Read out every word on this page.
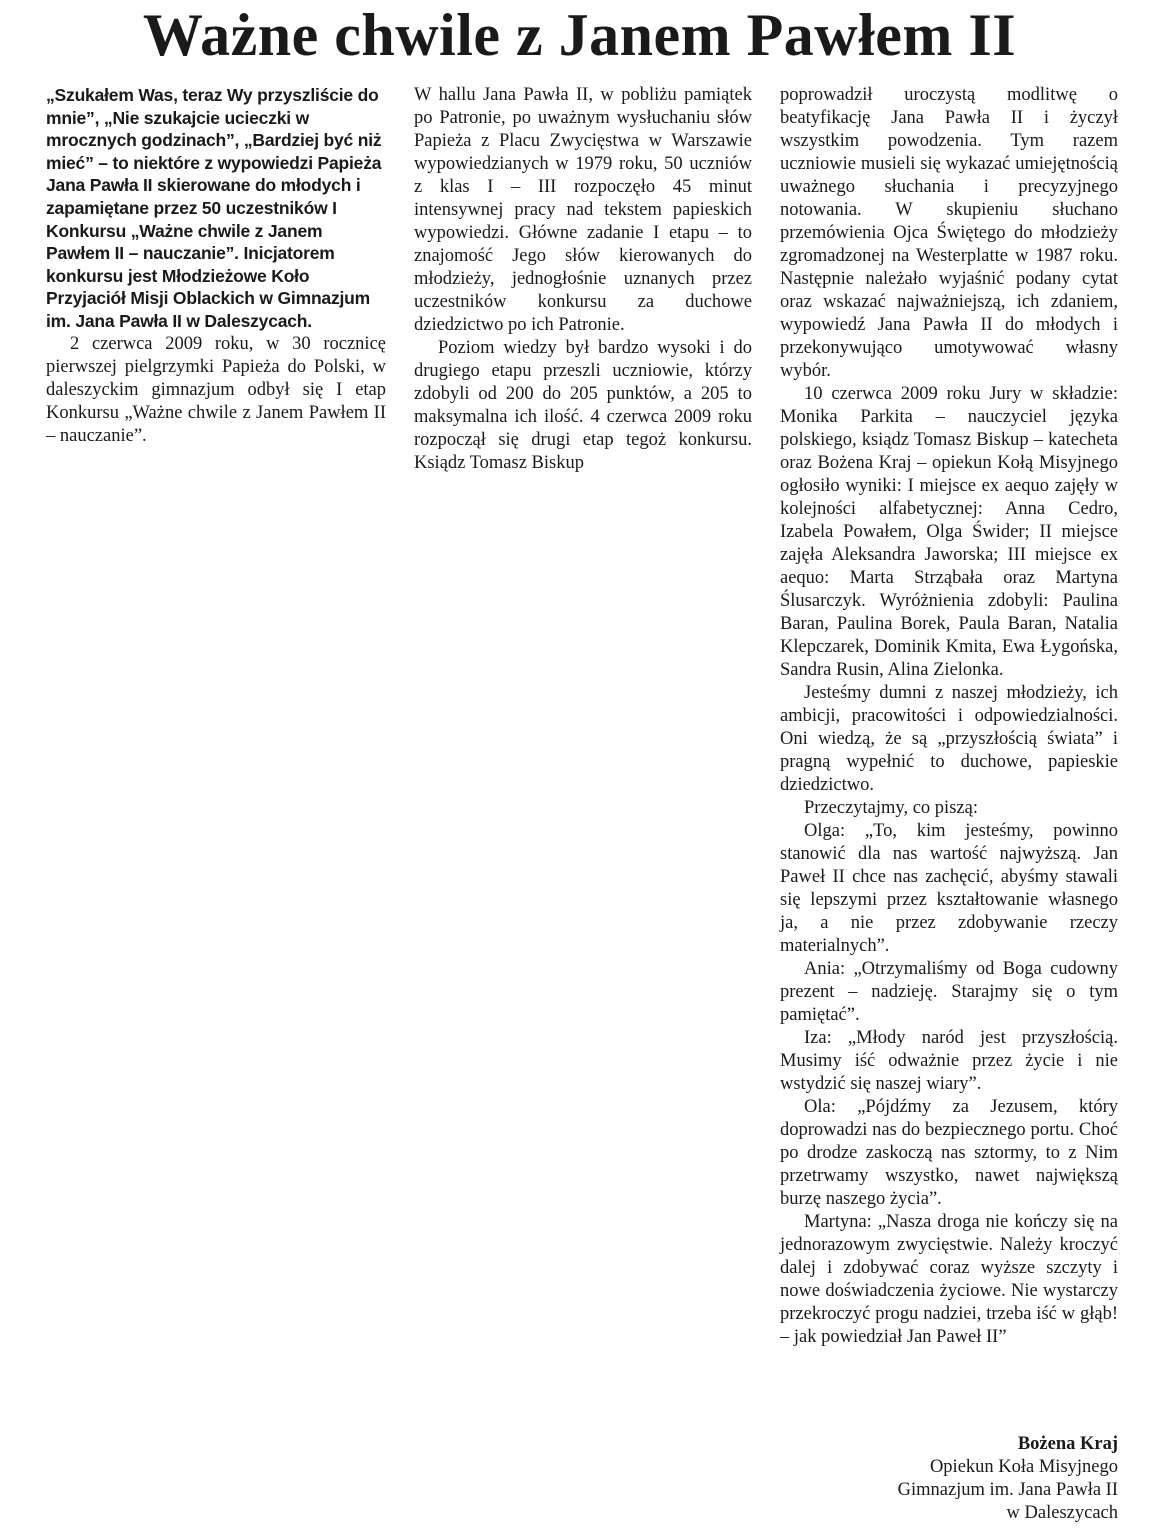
Ważne chwile z Janem Pawłem II

„Szukałem Was, teraz Wy przyszliście do mnie”, „Nie szukajcie ucieczki w mrocznych godzinach”, „Bardziej być niż mieć” – to niektóre z wypowiedzi Papieża Jana Pawła II skierowane do młodych i zapamiętane przez 50 uczestników I Konkursu „Ważne chwile z Janem Pawłem II – nauczanie”. Inicjatorem konkursu jest Młodzieżowe Koło Przyjaciół Misji Oblackich w Gimnazjum im. Jana Pawła II w Daleszycach.

2 czerwca 2009 roku, w 30 rocznicę pierwszej pielgrzymki Papieża do Polski, w daleszyckim gimnazjum odbył się I etap Konkursu „Ważne chwile z Janem Pawłem II – nauczanie”.

W hallu Jana Pawła II, w pobliżu pamiątek po Patronie, po uważnym wysłuchaniu słów Papieża z Placu Zwycięstwa w Warszawie wypowiedzianych w 1979 roku, 50 uczniów z klas I – III rozpoczęło 45 minut intensywnej pracy nad tekstem papieskich wypowiedzi. Główne zadanie I etapu – to znajomość Jego słów kierowanych do młodzieży, jednogłośnie uznanych przez uczestników konkursu za duchowe dziedzictwo po ich Patronie.

Poziom wiedzy był bardzo wysoki i do drugiego etapu przeszli uczniowie, którzy zdobyli od 200 do 205 punktów, a 205 to maksymalna ich ilość. 4 czerwca 2009 roku rozpoczął się drugi etap tegoż konkursu. Ksiądz Tomasz Biskup

poprowadził uroczystą modlitwę o beatyfikację Jana Pawła II i życzył wszystkim powodzenia. Tym razem uczniowie musieli się wykazać umiejętnością uważnego słuchania i precyzyjnego notowania. W skupieniu słuchano przemówienia Ojca Świętego do młodzieży zgromadzonej na Westerplatte w 1987 roku. Następnie należało wyjaśnić podany cytat oraz wskazać najważniejszą, ich zdaniem, wypowiedź Jana Pawła II do młodych i przekonywująco umotywować własny wybór.

10 czerwca 2009 roku Jury w składzie: Monika Parkita – nauczyciel języka polskiego, ksiądz Tomasz Biskup – katecheta oraz Bożena Kraj – opiekun Kołą Misyjnego ogłosiło wyniki: I miejsce ex aequo zajęły w kolejności alfabetycznej: Anna Cedro, Izabela Powałem, Olga Świder; II miejsce zajęła Aleksandra Jaworska; III miejsce ex aequo: Marta Strząbała oraz Martyna Ślusarczyk. Wyróżnienia zdobyli: Paulina Baran, Paulina Borek, Paula Baran, Natalia Klepczarek, Dominik Kmita, Ewa Łygońska, Sandra Rusin, Alina Zielonka.

Jesteśmy dumni z naszej młodzieży, ich ambicji, pracowitości i odpowiedzialności. Oni wiedzą, że są „przyszłością świata” i pragną wypełnić to duchowe, papieskie dziedzictwo.

Przeczytajmy, co piszą:

Olga: „To, kim jesteśmy, powinno stanowić dla nas wartość najwyższą. Jan Paweł II chce nas zachęcić, abyśmy stawali się lepszymi przez kształtowanie własnego ja, a nie przez zdobywanie rzeczy materialnych”.

Ania: „Otrzymaliśmy od Boga cudowny prezent – nadzieję. Starajmy się o tym pamiętać”.

Iza: „Młody naród jest przyszłością. Musimy iść odważnie przez życie i nie wstydzić się naszej wiary”.

Ola: „Pójdźmy za Jezusem, który doprowadzi nas do bezpiecznego portu. Choć po drodze zaskoczą nas sztormy, to z Nim przetrwamy wszystko, nawet największą burzę naszego życia”.

Martyna: „Nasza droga nie kończy się na jednorazowym zwycięstwie. Należy kroczyć dalej i zdobywać coraz wyższe szczyty i nowe doświadczenia życiowe. Nie wystarczy przekroczyć progu nadziei, trzeba iść w głąb! – jak powiedział Jan Paweł II”

Bożena Kraj
Opiekun Koła Misyjnego
Gimnazjum im. Jana Pawła II
w Daleszycach
